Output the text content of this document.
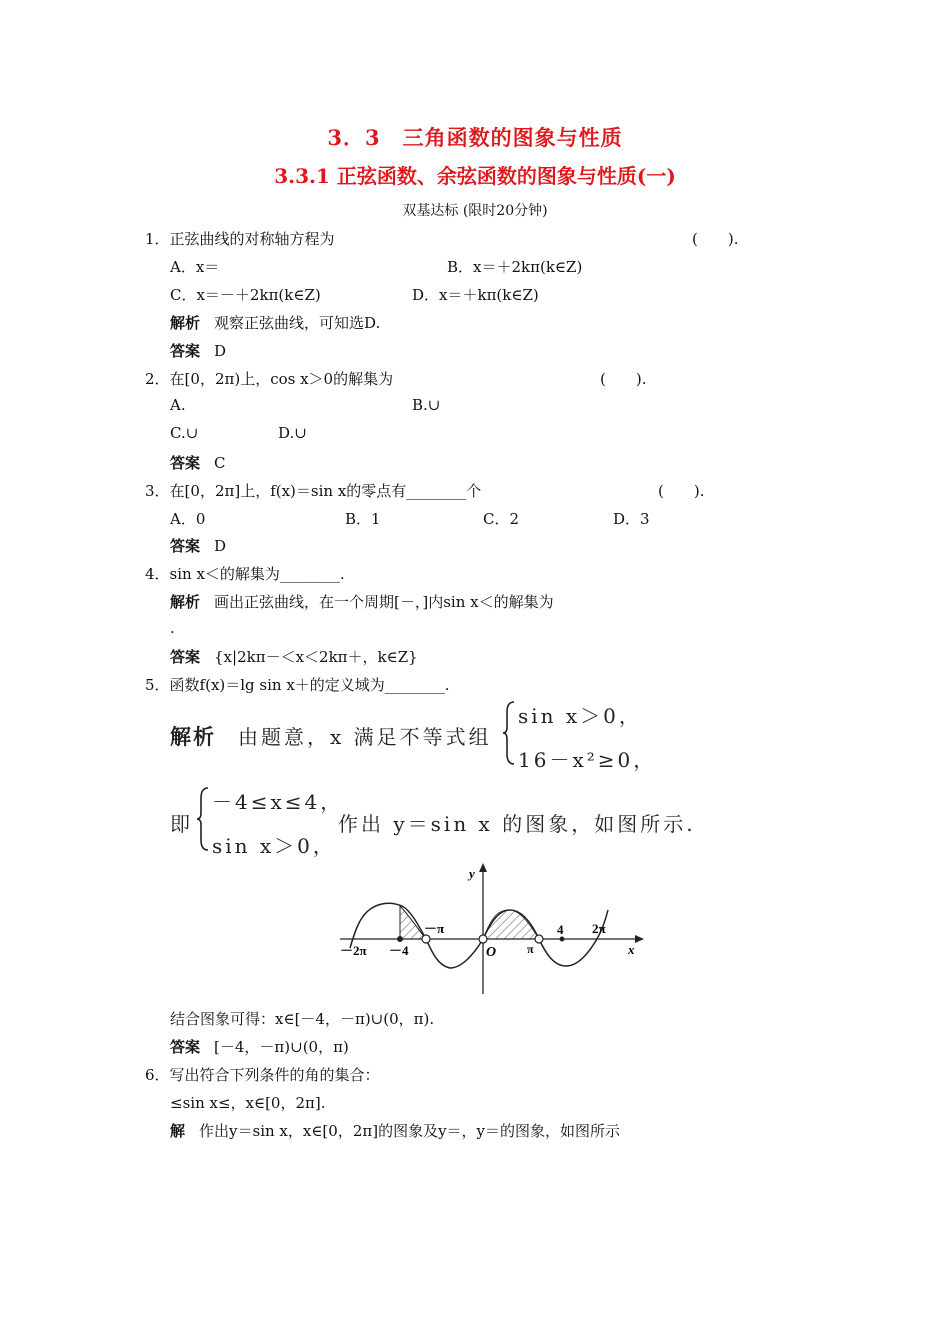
3．3　三角函数的图象与性质
3.3.1 正弦函数、余弦函数的图象与性质(一)
双基达标 (限时20分钟)
1．正弦曲线的对称轴方程为	(　　).
A．x＝	B．x＝＋2kπ(k∈Z)
C．x＝－＋2kπ(k∈Z)	D．x＝＋kπ(k∈Z)
解析 观察正弦曲线，可知选D.
答案 D
2．在[0，2π)上，cos x＞0的解集为	(　　).
A.	B.∪
C.∪	D.∪
答案 C
3．在[0，2π]上，f(x)＝sin x的零点有________个	(　　).
A．0	B．1	C．2	D．3
答案 D
4．sin x＜的解集为________.
解析 画出正弦曲线，在一个周期[－，]内sin x＜的解集为
.
答案 {x|2kπ－＜x＜2kπ＋，k∈Z}
5．函数f(x)＝lg sin x＋的定义域为________.
解析 由题意，x 满足不等式组
sin x＞0，
16－x²≥0，
即
－4≤x≤4，
sin x＞0，
作出 y＝sin x 的图象，如图所示.
y
x
－2π －4
－π
O	π
4 2π
结合图象可得：x∈[－4，－π)∪(0，π).
答案 [－4，－π)∪(0，π)
6．写出符合下列条件的角的集合：
≤sin x≤，x∈[0，2π].
解 作出y＝sin x，x∈[0，2π]的图象及y＝，y＝的图象，如图所示
